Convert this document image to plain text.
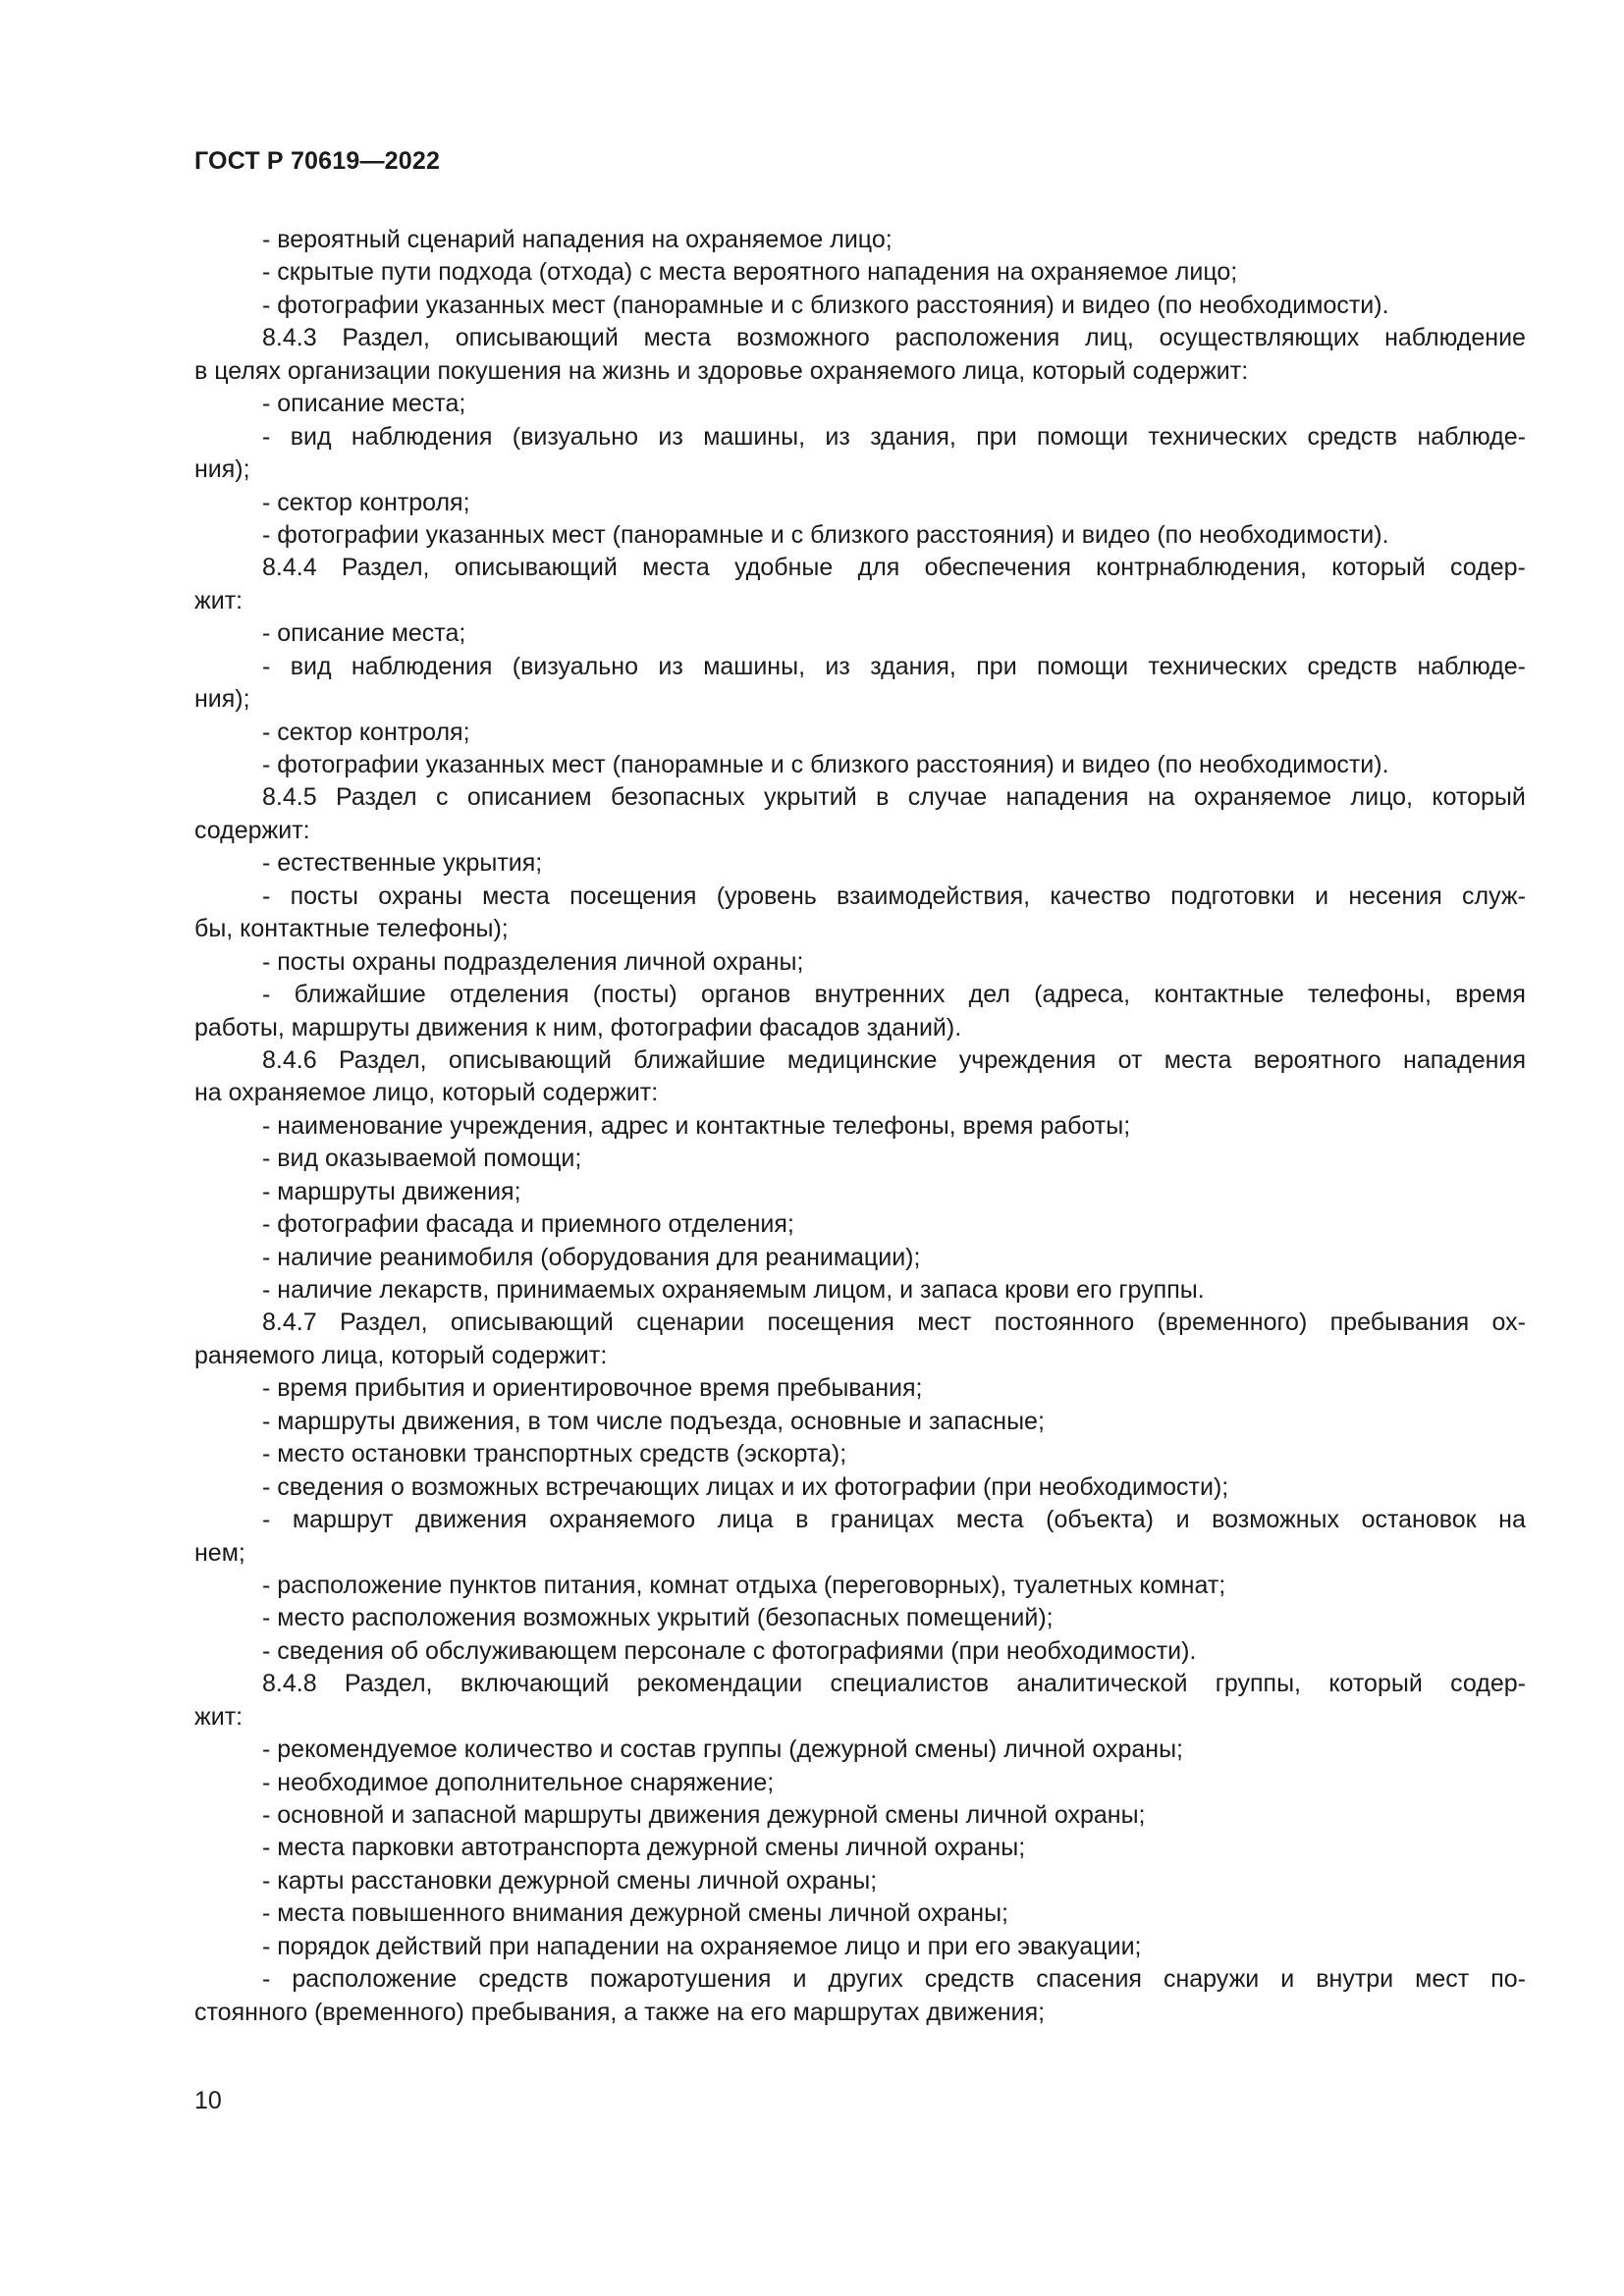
ГОСТ Р 70619—2022
- вероятный сценарий нападения на охраняемое лицо;
- скрытые пути подхода (отхода) с места вероятного нападения на охраняемое лицо;
- фотографии указанных мест (панорамные и с близкого расстояния) и видео (по необходимости).
8.4.3 Раздел, описывающий места возможного расположения лиц, осуществляющих наблюдение
в целях организации покушения на жизнь и здоровье охраняемого лица, который содержит:
- описание места;
- вид наблюдения (визуально из машины, из здания, при помощи технических средств наблюде-
ния);
- сектор контроля;
- фотографии указанных мест (панорамные и с близкого расстояния) и видео (по необходимости).
8.4.4 Раздел, описывающий места удобные для обеспечения контрнаблюдения, который содер-
жит:
- описание места;
- вид наблюдения (визуально из машины, из здания, при помощи технических средств наблюде-
ния);
- сектор контроля;
- фотографии указанных мест (панорамные и с близкого расстояния) и видео (по необходимости).
8.4.5 Раздел с описанием безопасных укрытий в случае нападения на охраняемое лицо, который
содержит:
- естественные укрытия;
- посты охраны места посещения (уровень взаимодействия, качество подготовки и несения служ-
бы, контактные телефоны);
- посты охраны подразделения личной охраны;
- ближайшие отделения (посты) органов внутренних дел (адреса, контактные телефоны, время
работы, маршруты движения к ним, фотографии фасадов зданий).
8.4.6 Раздел, описывающий ближайшие медицинские учреждения от места вероятного нападения
на охраняемое лицо, который содержит:
- наименование учреждения, адрес и контактные телефоны, время работы;
- вид оказываемой помощи;
- маршруты движения;
- фотографии фасада и приемного отделения;
- наличие реанимобиля (оборудования для реанимации);
- наличие лекарств, принимаемых охраняемым лицом, и запаса крови его группы.
8.4.7 Раздел, описывающий сценарии посещения мест постоянного (временного) пребывания ох-
раняемого лица, который содержит:
- время прибытия и ориентировочное время пребывания;
- маршруты движения, в том числе подъезда, основные и запасные;
- место остановки транспортных средств (эскорта);
- сведения о возможных встречающих лицах и их фотографии (при необходимости);
- маршрут движения охраняемого лица в границах места (объекта) и возможных остановок на
нем;
- расположение пунктов питания, комнат отдыха (переговорных), туалетных комнат;
- место расположения возможных укрытий (безопасных помещений);
- сведения об обслуживающем персонале с фотографиями (при необходимости).
8.4.8 Раздел, включающий рекомендации специалистов аналитической группы, который содер-
жит:
- рекомендуемое количество и состав группы (дежурной смены) личной охраны;
- необходимое дополнительное снаряжение;
- основной и запасной маршруты движения дежурной смены личной охраны;
- места парковки автотранспорта дежурной смены личной охраны;
- карты расстановки дежурной смены личной охраны;
- места повышенного внимания дежурной смены личной охраны;
- порядок действий при нападении на охраняемое лицо и при его эвакуации;
- расположение средств пожаротушения и других средств спасения снаружи и внутри мест по-
стоянного (временного) пребывания, а также на его маршрутах движения;
10
